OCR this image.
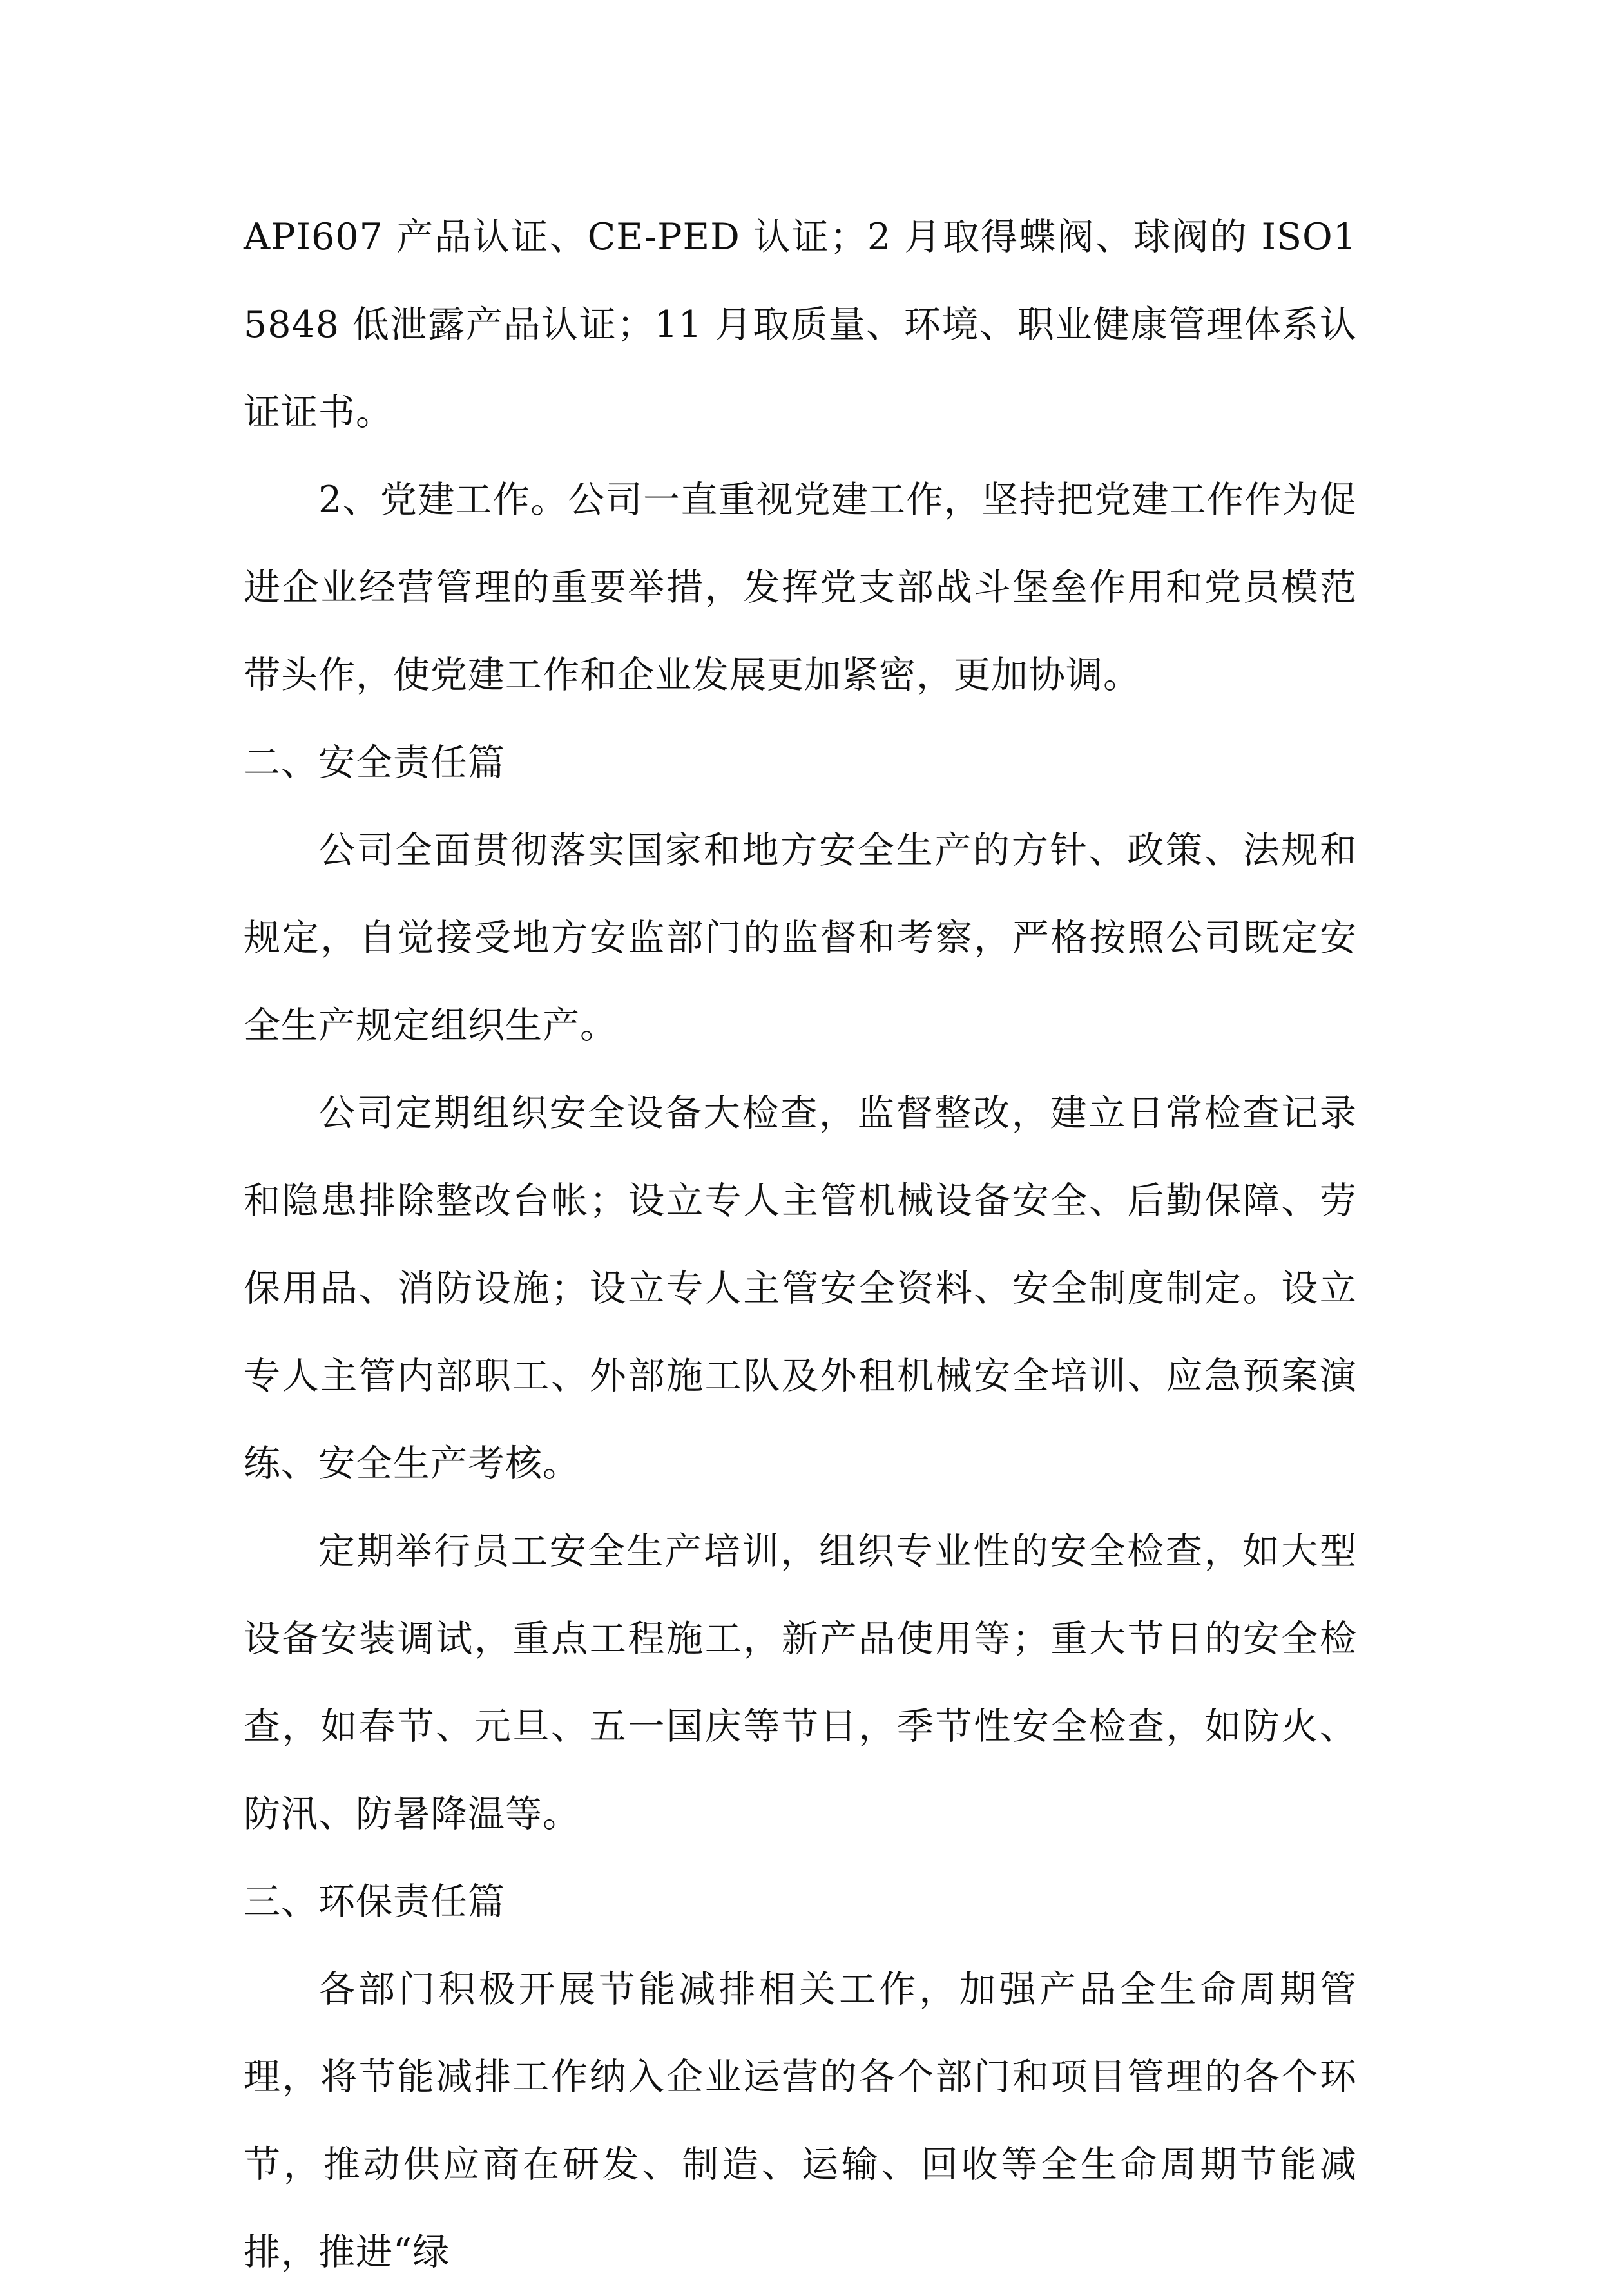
API607 产品认证、CE-PED 认证；2 月取得蝶阀、球阀的 ISO15848 低泄露产品认证；11 月取质量、环境、职业健康管理体系认证证书。

2、党建工作。公司一直重视党建工作，坚持把党建工作作为促进企业经营管理的重要举措，发挥党支部战斗堡垒作用和党员模范带头作，使党建工作和企业发展更加紧密，更加协调。

二、安全责任篇

公司全面贯彻落实国家和地方安全生产的方针、政策、法规和规定，自觉接受地方安监部门的监督和考察，严格按照公司既定安全生产规定组织生产。

公司定期组织安全设备大检查，监督整改，建立日常检查记录和隐患排除整改台帐；设立专人主管机械设备安全、后勤保障、劳保用品、消防设施；设立专人主管安全资料、安全制度制定。设立专人主管内部职工、外部施工队及外租机械安全培训、应急预案演练、安全生产考核。

定期举行员工安全生产培训，组织专业性的安全检查，如大型设备安装调试，重点工程施工，新产品使用等；重大节日的安全检查，如春节、元旦、五一国庆等节日，季节性安全检查，如防火、防汛、防暑降温等。

三、环保责任篇

各部门积极开展节能减排相关工作，加强产品全生命周期管理，将节能减排工作纳入企业运营的各个部门和项目管理的各个环节，推动供应商在研发、制造、运输、回收等全生命周期节能减排，推进“绿
